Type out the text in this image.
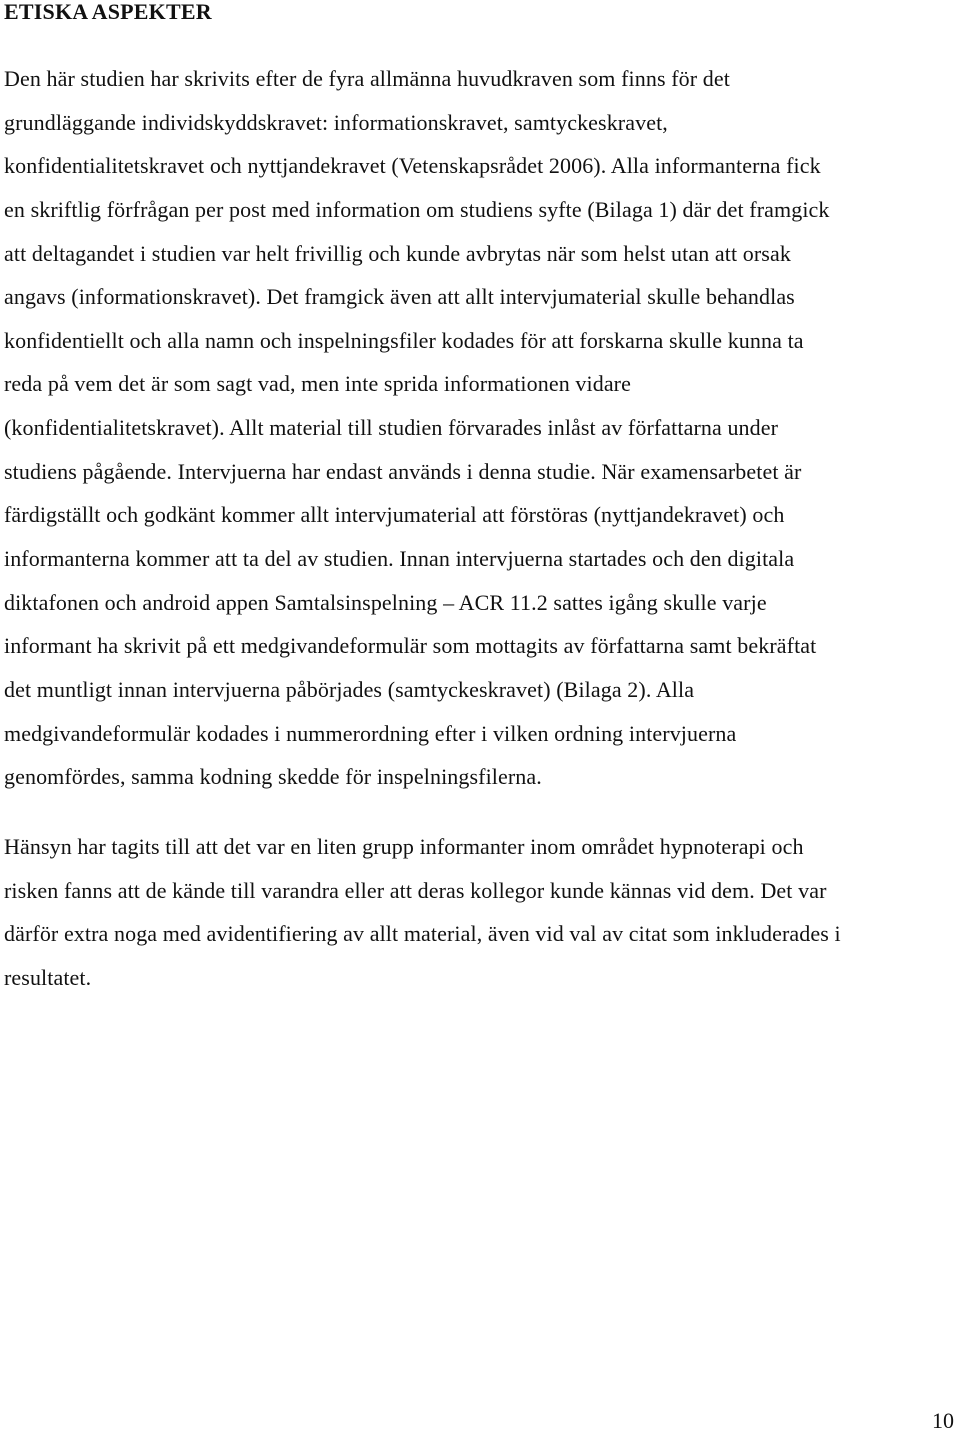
ETISKA ASPEKTER
Den här studien har skrivits efter de fyra allmänna huvudkraven som finns för det
grundläggande individskyddskravet: informationskravet, samtyckeskravet,
konfidentialitetskravet och nyttjandekravet (Vetenskapsrådet 2006). Alla informanterna fick
en skriftlig förfrågan per post med information om studiens syfte (Bilaga 1) där det framgick
att deltagandet i studien var helt frivillig och kunde avbrytas när som helst utan att orsak
angavs (informationskravet). Det framgick även att allt intervjumaterial skulle behandlas
konfidentiellt och alla namn och inspelningsfiler kodades för att forskarna skulle kunna ta
reda på vem det är som sagt vad, men inte sprida informationen vidare
(konfidentialitetskravet). Allt material till studien förvarades inlåst av författarna under
studiens pågående. Intervjuerna har endast används i denna studie. När examensarbetet är
färdigställt och godkänt kommer allt intervjumaterial att förstöras (nyttjandekravet) och
informanterna kommer att ta del av studien. Innan intervjuerna startades och den digitala
diktafonen och android appen Samtalsinspelning – ACR 11.2 sattes igång skulle varje
informant ha skrivit på ett medgivandeformulär som mottagits av författarna samt bekräftat
det muntligt innan intervjuerna påbörjades (samtyckeskravet) (Bilaga 2). Alla
medgivandeformulär kodades i nummerordning efter i vilken ordning intervjuerna
genomfördes, samma kodning skedde för inspelningsfilerna.
Hänsyn har tagits till att det var en liten grupp informanter inom området hypnoterapi och
risken fanns att de kände till varandra eller att deras kollegor kunde kännas vid dem. Det var
därför extra noga med avidentifiering av allt material, även vid val av citat som inkluderades i
resultatet.
10
